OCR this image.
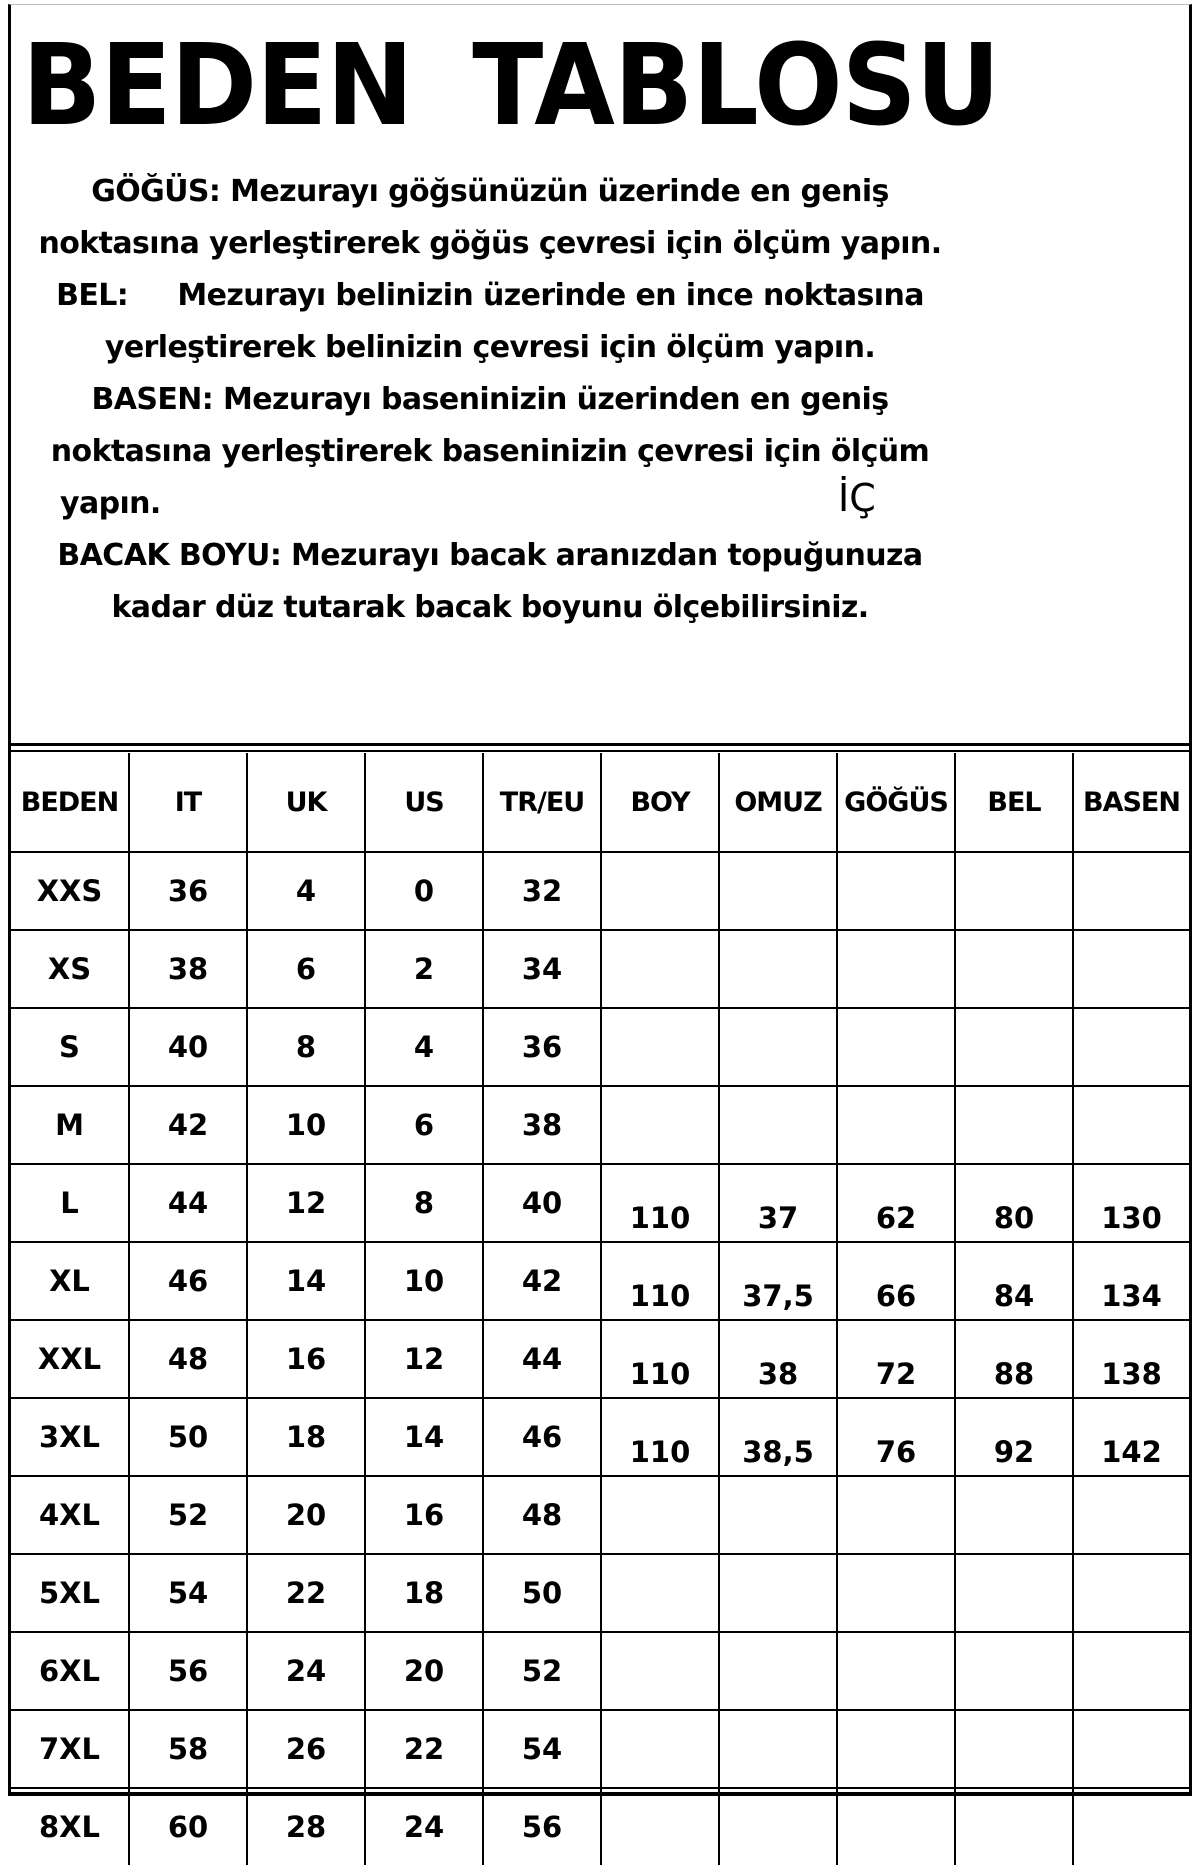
BEDEN TABLOSU
GÖĞÜS: Mezurayı göğsünüzün üzerinde en geniş
noktasına yerleştirerek göğüs çevresi için ölçüm yapın.
BEL:     Mezurayı belinizin üzerinde en ince noktasına
yerleştirerek belinizin çevresi için ölçüm yapın.
BASEN: Mezurayı baseninizin üzerinden en geniş
noktasına yerleştirerek baseninizin çevresi için ölçüm
yapın.
BACAK BOYU: Mezurayı bacak aranızdan topuğunuza
kadar düz tutarak bacak boyunu ölçebilirsiniz.
İÇ
BEDEN	IT	UK	US	TR/EU	BOY	OMUZ	GÖĞÜS	BEL	BASEN
XXS	36	4	0	32					
XS	38	6	2	34					
S	40	8	4	36					
M	42	10	6	38					
L	44	12	8	40	110	37	62	80	130
XL	46	14	10	42	110	37,5	66	84	134
XXL	48	16	12	44	110	38	72	88	138
3XL	50	18	14	46	110	38,5	76	92	142
4XL	52	20	16	48					
5XL	54	22	18	50					
6XL	56	24	20	52					
7XL	58	26	22	54					
8XL	60	28	24	56					
